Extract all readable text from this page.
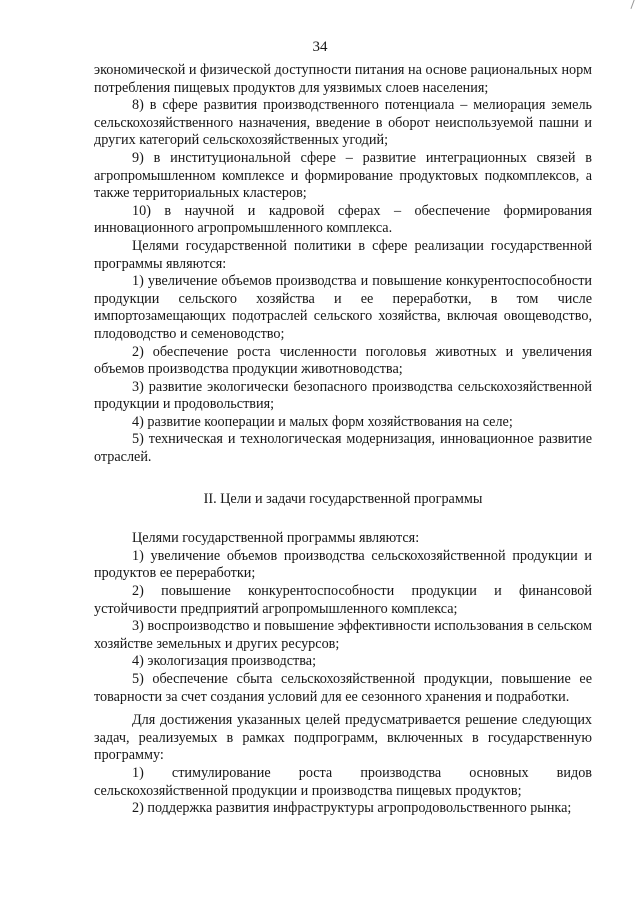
34

экономической и физической доступности питания на основе рациональных норм потребления пищевых продуктов для уязвимых слоев населения;

8) в сфере развития производственного потенциала – мелиорация земель сельскохозяйственного назначения, введение в оборот неиспользуемой пашни и других категорий сельскохозяйственных угодий;

9) в институциональной сфере – развитие интеграционных связей в агропромышленном комплексе и формирование продуктовых подкомплексов, а также территориальных кластеров;

10) в научной и кадровой сферах – обеспечение формирования инновационного агропромышленного комплекса.

Целями государственной политики в сфере реализации государственной программы являются:

1) увеличение объемов производства и повышение конкурентоспособности продукции сельского хозяйства и ее переработки, в том числе импортозамещающих подотраслей сельского хозяйства, включая овощеводство, плодоводство и семеноводство;

2) обеспечение роста численности поголовья животных и увеличения объемов производства продукции животноводства;

3) развитие экологически безопасного производства сельскохозяйственной продукции и продовольствия;

4) развитие кооперации и малых форм хозяйствования на селе;

5) техническая и технологическая модернизация, инновационное развитие отраслей.

II. Цели и задачи государственной программы

Целями государственной программы являются:

1) увеличение объемов производства сельскохозяйственной продукции и продуктов ее переработки;

2) повышение конкурентоспособности продукции и финансовой устойчивости предприятий агропромышленного комплекса;

3) воспроизводство и повышение эффективности использования в сельском хозяйстве земельных и других ресурсов;

4) экологизация производства;

5) обеспечение сбыта сельскохозяйственной продукции, повышение ее товарности за счет создания условий для ее сезонного хранения и подработки.

Для достижения указанных целей предусматривается решение следующих задач, реализуемых в рамках подпрограмм, включенных в государственную программу:

1) стимулирование роста производства основных видов сельскохозяйственной продукции и производства пищевых продуктов;

2) поддержка развития инфраструктуры агропродовольственного рынка;
